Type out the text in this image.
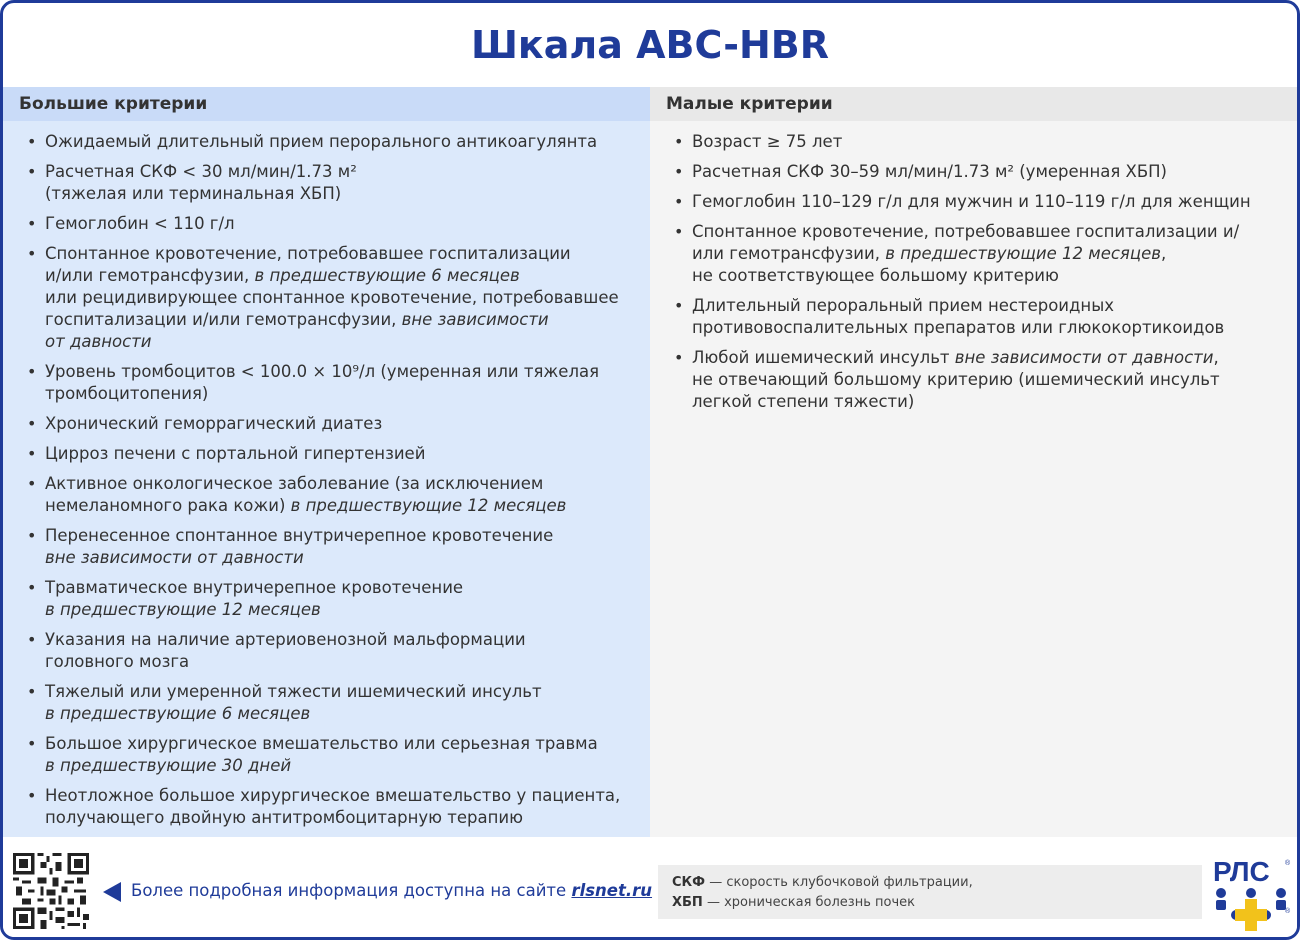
Шкала ABC-HBR
Большие критерии	Малые критерии
• Ожидаемый длительный прием перорального антикоагулянта
• Расчетная СКФ < 30 мл/мин/1.73 м²
(тяжелая или терминальная ХБП)
• Гемоглобин < 110 г/л
• Спонтанное кровотечение, потребовавшее госпитализации
и/или гемотрансфузии, в предшествующие 6 месяцев
или рецидивирующее спонтанное кровотечение, потребовавшее
госпитализации и/или гемотрансфузии, вне зависимости
от давности
• Уровень тромбоцитов < 100.0 × 10⁹/л (умеренная или тяжелая
тромбоцитопения)
• Хронический геморрагический диатез
• Цирроз печени с портальной гипертензией
• Активное онкологическое заболевание (за исключением
немеланомного рака кожи) в предшествующие 12 месяцев
• Перенесенное спонтанное внутричерепное кровотечение
вне зависимости от давности
• Травматическое внутричерепное кровотечение
в предшествующие 12 месяцев
• Указания на наличие артериовенозной мальформации
головного мозга
• Тяжелый или умеренной тяжести ишемический инсульт
в предшествующие 6 месяцев
• Большое хирургическое вмешательство или серьезная травма
в предшествующие 30 дней
• Неотложное большое хирургическое вмешательство у пациента,
получающего двойную антитромбоцитарную терапию
• Возраст ≥ 75 лет
• Расчетная СКФ 30–59 мл/мин/1.73 м² (умеренная ХБП)
• Гемоглобин 110–129 г/л для мужчин и 110–119 г/л для женщин
• Спонтанное кровотечение, потребовавшее госпитализации и/
или гемотрансфузии, в предшествующие 12 месяцев,
не соответствующее большому критерию
• Длительный пероральный прием нестероидных
противовоспалительных препаратов или глюкокортикоидов
• Любой ишемический инсульт вне зависимости от давности,
не отвечающий большому критерию (ишемический инсульт
легкой степени тяжести)
Более подробная информация доступна на сайте rlsnet.ru СКФ — скорость клубочковой фильтрации,
ХБП — хроническая болезнь почек
РЛС ®
®
